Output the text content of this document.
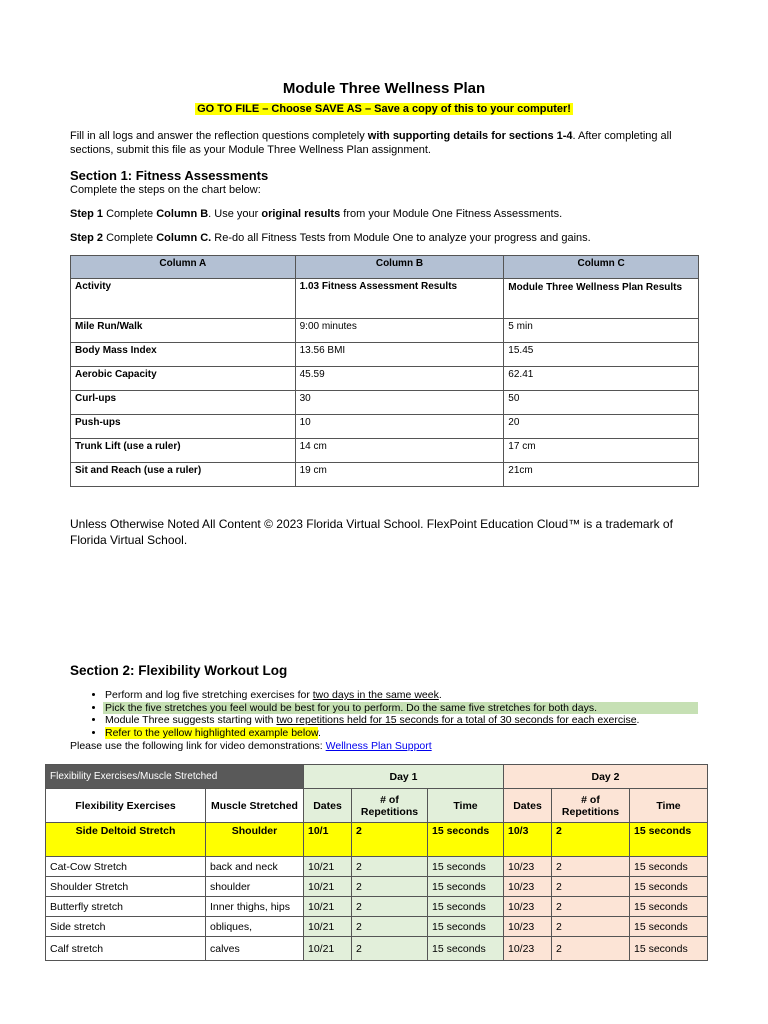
Module Three Wellness Plan
GO TO FILE – Choose SAVE AS – Save a copy of this to your computer!
Fill in all logs and answer the reflection questions completely with supporting details for sections 1-4. After completing all sections, submit this file as your Module Three Wellness Plan assignment.
Section 1: Fitness Assessments
Complete the steps on the chart below:
Step 1 Complete Column B. Use your original results from your Module One Fitness Assessments.
Step 2 Complete Column C. Re-do all Fitness Tests from Module One to analyze your progress and gains.
Column A	Column B	Column C
Activity	1.03 Fitness Assessment Results	Module Three Wellness Plan Results
Mile Run/Walk	9:00 minutes	5 min
Body Mass Index	13.56 BMI	15.45
Aerobic Capacity	45.59	62.41
Curl-ups	30	50
Push-ups	10	20
Trunk Lift (use a ruler)	14 cm	17 cm
Sit and Reach (use a ruler)	19 cm	21cm
Unless Otherwise Noted All Content © 2023 Florida Virtual School. FlexPoint Education Cloud™ is a trademark of Florida Virtual School.
Section 2: Flexibility Workout Log
• Perform and log five stretching exercises for two days in the same week.
• Pick the five stretches you feel would be best for you to perform. Do the same five stretches for both days.
• Module Three suggests starting with two repetitions held for 15 seconds for a total of 30 seconds for each exercise.
• Refer to the yellow highlighted example below.
Please use the following link for video demonstrations: Wellness Plan Support
Flexibility Exercises/Muscle Stretched		Day 1			Day 2		
Flexibility Exercises	Muscle Stretched	Dates	# of Repetitions	Time	Dates	# of Repetitions	Time
Side Deltoid Stretch	Shoulder	10/1	2	15 seconds	10/3	2	15 seconds
Cat-Cow Stretch	back and neck	10/21	2	15 seconds	10/23	2	15 seconds
Shoulder Stretch	shoulder	10/21	2	15 seconds	10/23	2	15 seconds
Butterfly stretch	Inner thighs, hips	10/21	2	15 seconds	10/23	2	15 seconds
Side stretch	obliques,	10/21	2	15 seconds	10/23	2	15 seconds
Calf stretch	calves	10/21	2	15 seconds	10/23	2	15 seconds
